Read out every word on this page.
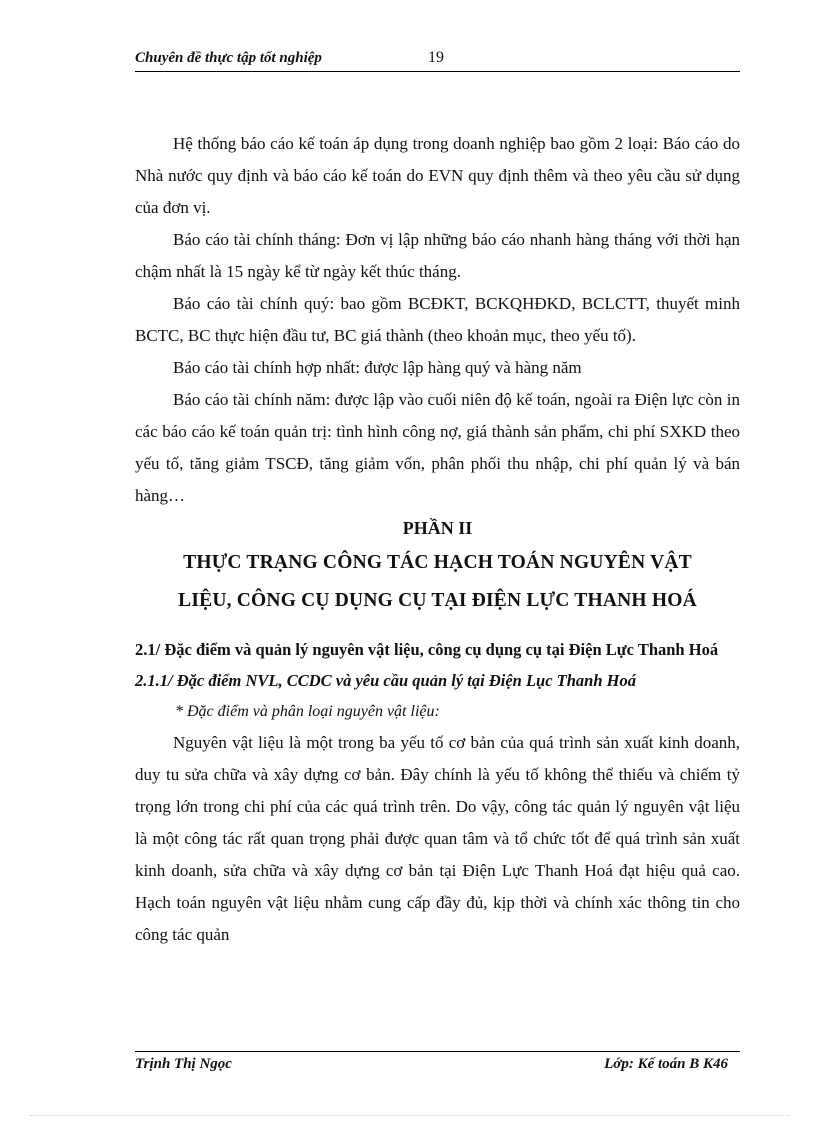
Chuyên đề thực tập tốt nghiệp	19

Hệ thống báo cáo kế toán áp dụng trong doanh nghiệp bao gồm 2 loại: Báo cáo do Nhà nước quy định và báo cáo kế toán do EVN quy định thêm và theo yêu cầu sử dụng của đơn vị.

Báo cáo tài chính tháng: Đơn vị lập những báo cáo nhanh hàng tháng với thời hạn chậm nhất là 15 ngày kể từ ngày kết thúc tháng.

Báo cáo tài chính quý: bao gồm BCĐKT, BCKQHĐKD, BCLCTT, thuyết minh BCTC, BC thực hiện đầu tư, BC giá thành (theo khoản mục, theo yếu tố).

Báo cáo tài chính hợp nhất: được lập hàng quý và hàng năm

Báo cáo tài chính năm: được lập vào cuối niên độ kế toán, ngoài ra Điện lực còn in các báo cáo kế toán quản trị: tình hình công nợ, giá thành sản phẩm, chi phí SXKD theo yếu tố, tăng giảm TSCĐ, tăng giảm vốn, phân phối thu nhập, chi phí quản lý và bán hàng…

PHẦN II

THỰC TRẠNG CÔNG TÁC HẠCH TOÁN NGUYÊN VẬT

LIỆU, CÔNG CỤ DỤNG CỤ TẠI ĐIỆN LỰC THANH HOÁ

2.1/ Đặc điểm và quản lý nguyên vật liệu, công cụ dụng cụ tại Điện Lực Thanh Hoá

2.1.1/ Đặc điểm NVL, CCDC và yêu cầu quản lý tại Điện Lục Thanh Hoá

* Đặc điểm và phân loại nguyên vật liệu:

Nguyên vật liệu là một trong ba yếu tố cơ bản của quá trình sản xuất kinh doanh, duy tu sửa chữa và xây dựng cơ bản. Đây chính là yếu tố không thể thiếu và chiếm tỷ trọng lớn trong chi phí của các quá trình trên. Do vậy, công tác quản lý nguyên vật liệu là một công tác rất quan trọng phải được quan tâm và tổ chức tốt để quá trình sản xuất kinh doanh, sửa chữa và xây dựng cơ bản tại Điện Lực Thanh Hoá đạt hiệu quả cao. Hạch toán nguyên vật liệu nhằm cung cấp đầy đủ, kịp thời và chính xác thông tin cho công tác quản

Trịnh Thị Ngọc	Lớp: Kế toán B K46
